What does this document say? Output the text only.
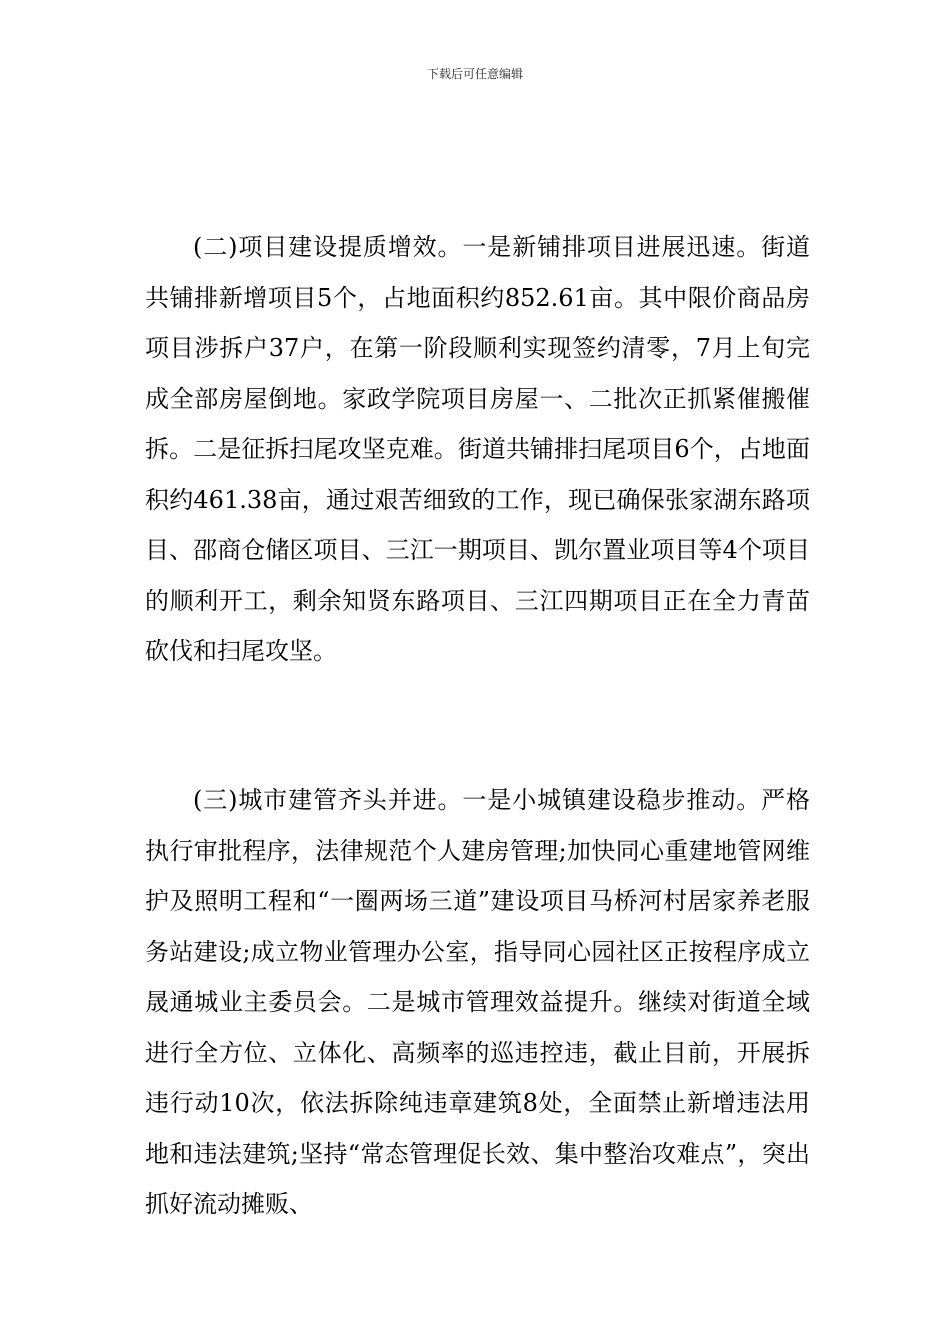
下载后可任意编辑

(二)项目建设提质增效。一是新铺排项目进展迅速。街道共铺排新增项目5个，占地面积约852.61亩。其中限价商品房项目涉拆户37户，在第一阶段顺利实现签约清零，7月上旬完成全部房屋倒地。家政学院项目房屋一、二批次正抓紧催搬催拆。二是征拆扫尾攻坚克难。街道共铺排扫尾项目6个，占地面积约461.38亩，通过艰苦细致的工作，现已确保张家湖东路项目、邵商仓储区项目、三江一期项目、凯尔置业项目等4个项目的顺利开工，剩余知贤东路项目、三江四期项目正在全力青苗砍伐和扫尾攻坚。

(三)城市建管齐头并进。一是小城镇建设稳步推动。严格执行审批程序，法律规范个人建房管理;加快同心重建地管网维护及照明工程和“一圈两场三道”建设项目马桥河村居家养老服务站建设;成立物业管理办公室，指导同心园社区正按程序成立晟通城业主委员会。二是城市管理效益提升。继续对街道全域进行全方位、立体化、高频率的巡违控违，截止目前，开展拆违行动10次，依法拆除纯违章建筑8处，全面禁止新增违法用地和违法建筑;坚持“常态管理促长效、集中整治攻难点”，突出抓好流动摊贩、
